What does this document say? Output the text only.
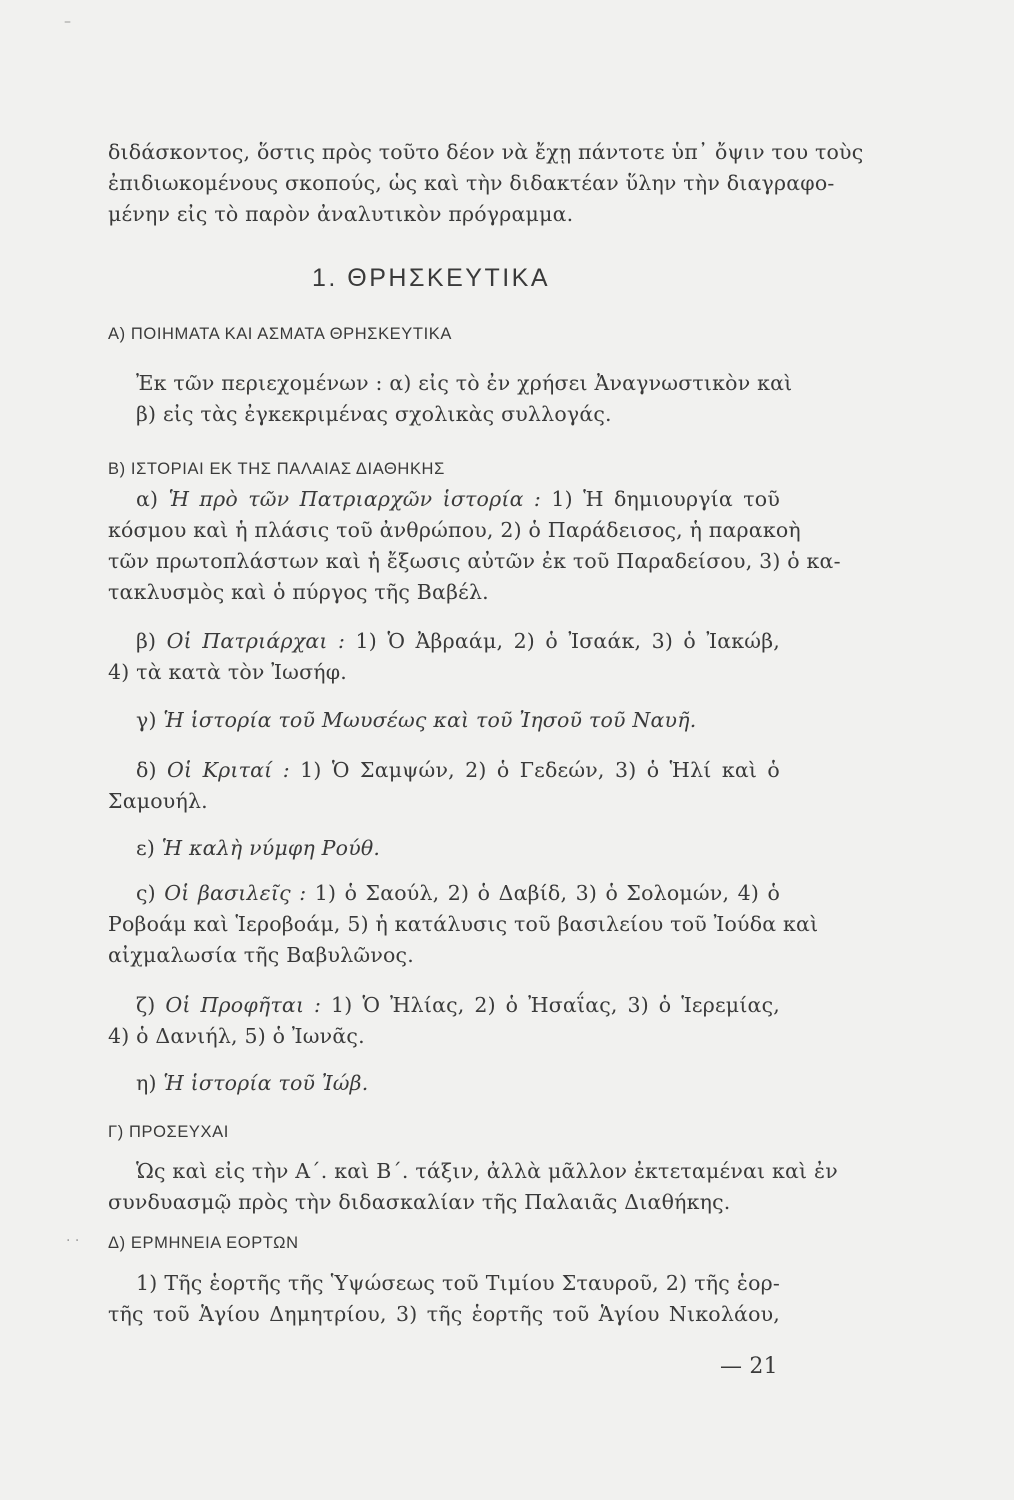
–
διδάσκοντος, ὅστις πρὸς τοῦτο δέον νὰ ἔχῃ πάντοτε ὑπ᾿ ὄψιν του τοὺς
ἐπιδιωκομένους σκοπούς, ὡς καὶ τὴν διδακτέαν ὕλην τὴν διαγραφο-
μένην εἰς τὸ παρὸν ἀναλυτικὸν πρόγραμμα.
1. ΘΡΗΣΚΕΥΤΙΚΑ
Α) ΠΟΙΗΜΑΤΑ ΚΑΙ ΑΣΜΑΤΑ ΘΡΗΣΚΕΥΤΙΚΑ
Ἐκ τῶν περιεχομένων : α) εἰς τὸ ἐν χρήσει Ἀναγνωστικὸν καὶ
β) εἰς τὰς ἐγκεκριμένας σχολικὰς συλλογάς.
Β) ΙΣΤΟΡΙΑΙ ΕΚ ΤΗΣ ΠΑΛΑΙΑΣ ΔΙΑΘΗΚΗΣ
α) Ἡ πρὸ τῶν Πατριαρχῶν ἱστορία : 1) Ἡ δημιουργία τοῦ
κόσμου καὶ ἡ πλάσις τοῦ ἀνθρώπου, 2) ὁ Παράδεισος, ἡ παρακοὴ
τῶν πρωτοπλάστων καὶ ἡ ἔξωσις αὐτῶν ἐκ τοῦ Παραδείσου, 3) ὁ κα-
τακλυσμὸς καὶ ὁ πύργος τῆς Βαβέλ.
β) Οἱ Πατριάρχαι : 1) Ὁ Ἀβραάμ, 2) ὁ Ἰσαάκ, 3) ὁ Ἰακώβ,
4) τὰ κατὰ τὸν Ἰωσήφ.
γ) Ἡ ἱστορία τοῦ Μωυσέως καὶ τοῦ Ἰησοῦ τοῦ Ναυῆ.
δ) Οἱ Κριταί : 1) Ὁ Σαμψών, 2) ὁ Γεδεών, 3) ὁ Ἡλί καὶ ὁ
Σαμουήλ.
ε) Ἡ καλὴ νύμφη Ρούθ.
ς) Οἱ βασιλεῖς : 1) ὁ Σαούλ, 2) ὁ Δαβίδ, 3) ὁ Σολομών, 4) ὁ
Ροβοάμ καὶ Ἱεροβοάμ, 5) ἡ κατάλυσις τοῦ βασιλείου τοῦ Ἰούδα καὶ
αἰχμαλωσία τῆς Βαβυλῶνος.
ζ) Οἱ Προφῆται : 1) Ὁ Ἠλίας, 2) ὁ Ἠσαΐας, 3) ὁ Ἱερεμίας,
4) ὁ Δανιήλ, 5) ὁ Ἰωνᾶς.
η) Ἡ ἱστορία τοῦ Ἰώβ.
Γ) ΠΡΟΣΕΥΧΑΙ
Ὡς καὶ εἰς τὴν Α΄. καὶ Β΄. τάξιν, ἀλλὰ μᾶλλον ἐκτεταμέναι καὶ ἐν
συνδυασμῷ πρὸς τὴν διδασκαλίαν τῆς Παλαιᾶς Διαθήκης.
· · Δ) ΕΡΜΗΝΕΙΑ ΕΟΡΤΩΝ
1) Τῆς ἑορτῆς τῆς Ὑψώσεως τοῦ Τιμίου Σταυροῦ, 2) τῆς ἑορ-
τῆς τοῦ Ἁγίου Δημητρίου, 3) τῆς ἑορτῆς τοῦ Ἁγίου Νικολάου,
— 21
